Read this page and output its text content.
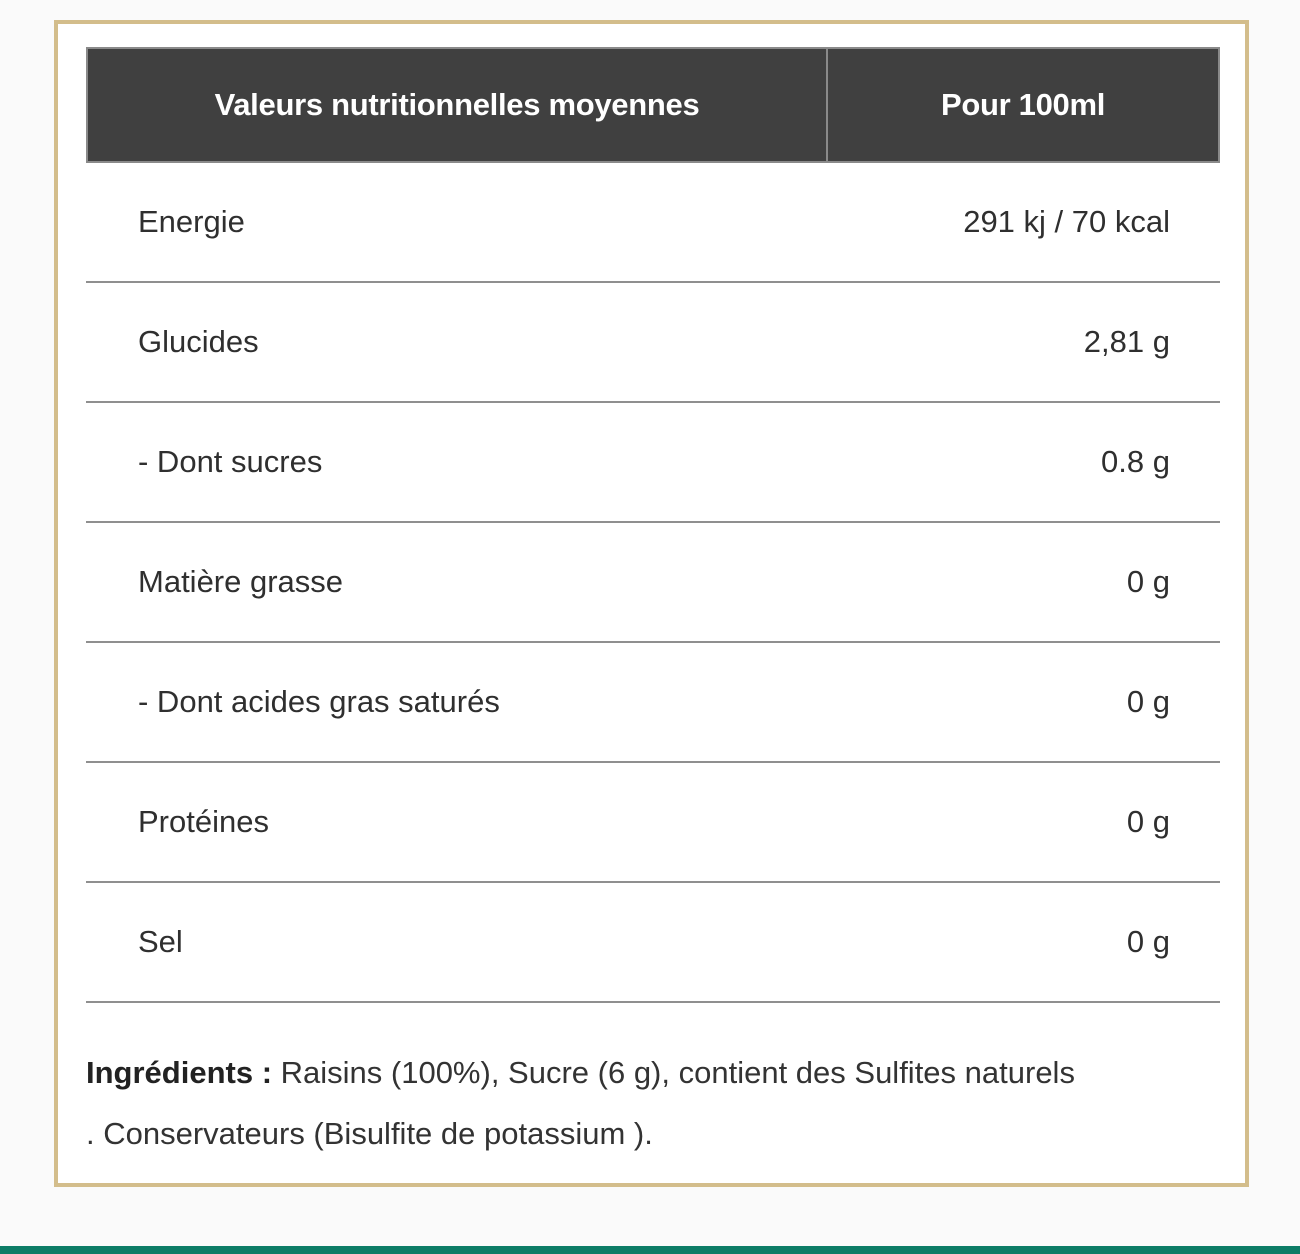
Valeurs nutritionnelles moyennes	Pour 100ml
Energie	291 kj / 70 kcal
Glucides	2,81 g
- Dont sucres	0.8 g
Matière grasse	0 g
- Dont acides gras saturés	0 g
Protéines	0 g
Sel	0 g
Ingrédients : Raisins (100%), Sucre (6 g), contient des Sulfites naturels
. Conservateurs (Bisulfite de potassium ).
